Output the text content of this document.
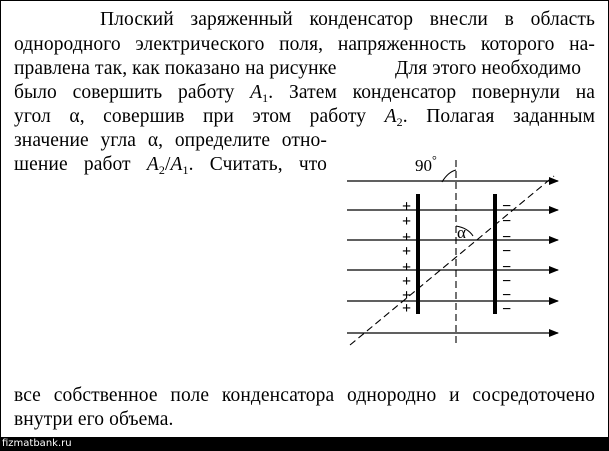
Плоский заряженный конденсатор внесли в область
однородного электрического поля, напряженность которого на-
правлена так, как показано на рисунке	Для этого необходимо
было совершить работу $A_1$. Затем конденсатор повернули на
угол α, совершив при этом работу $A_2$. Полагая заданным
значение угла α, определите отно-
шение работ $A_2/A_1$. Считать, что
все собственное поле конденсатора однородно и сосредоточено
внутри его объема.
90°
α
+
+
+
+
+
+
+
+
−
−
−
−
−
−
−
−
fizmatbank.ru
